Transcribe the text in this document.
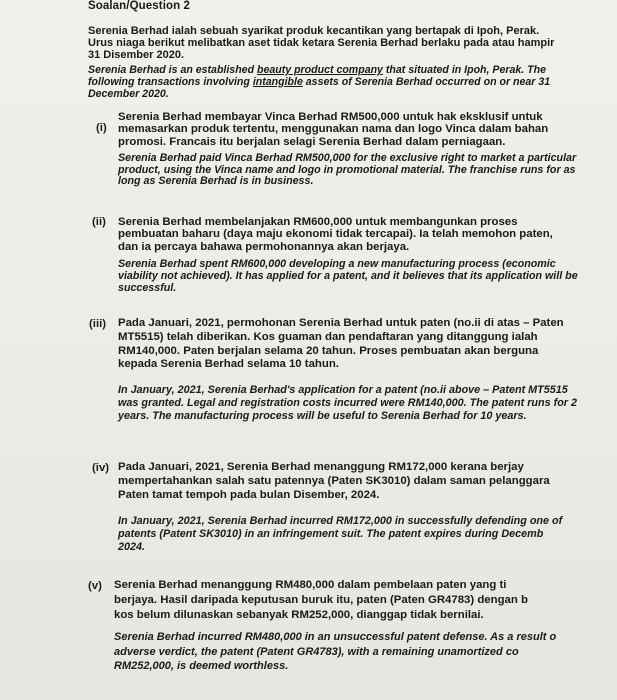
Soalan/Question 2
Serenia Berhad ialah sebuah syarikat produk kecantikan yang bertapak di Ipoh, Perak.
Urus niaga berikut melibatkan aset tidak ketara Serenia Berhad berlaku pada atau hampir
31 Disember 2020.
Serenia Berhad is an established beauty product company that situated in Ipoh, Perak. The
following transactions involving intangible assets of Serenia Berhad occurred on or near 31
December 2020.
(i)
Serenia Berhad membayar Vinca Berhad RM500,000 untuk hak eksklusif untuk
memasarkan produk tertentu, menggunakan nama dan logo Vinca dalam bahan
promosi. Francais itu berjalan selagi Serenia Berhad dalam perniagaan.
Serenia Berhad paid Vinca Berhad RM500,000 for the exclusive right to market a particular
product, using the Vinca name and logo in promotional material. The franchise runs for as
long as Serenia Berhad is in business.
(ii) Serenia Berhad membelanjakan RM600,000 untuk membangunkan proses
pembuatan baharu (daya maju ekonomi tidak tercapai). Ia telah memohon paten,
dan ia percaya bahawa permohonannya akan berjaya.
Serenia Berhad spent RM600,000 developing a new manufacturing process (economic
viability not achieved). It has applied for a patent, and it believes that its application will be
successful.
(iii) Pada Januari, 2021, permohonan Serenia Berhad untuk paten (no.ii di atas – Paten
MT5515) telah diberikan. Kos guaman dan pendaftaran yang ditanggung ialah
RM140,000. Paten berjalan selama 20 tahun. Proses pembuatan akan berguna
kepada Serenia Berhad selama 10 tahun.
In January, 2021, Serenia Berhad's application for a patent (no.ii above – Patent MT5515
was granted. Legal and registration costs incurred were RM140,000. The patent runs for 2
years. The manufacturing process will be useful to Serenia Berhad for 10 years.
(iv) Pada Januari, 2021, Serenia Berhad menanggung RM172,000 kerana berjay
mempertahankan salah satu patennya (Paten SK3010) dalam saman pelanggara
Paten tamat tempoh pada bulan Disember, 2024.
In January, 2021, Serenia Berhad incurred RM172,000 in successfully defending one of
patents (Patent SK3010) in an infringement suit. The patent expires during Decemb
2024.
(v) Serenia Berhad menanggung RM480,000 dalam pembelaan paten yang ti
berjaya. Hasil daripada keputusan buruk itu, paten (Paten GR4783) dengan b
kos belum dilunaskan sebanyak RM252,000, dianggap tidak bernilai.
Serenia Berhad incurred RM480,000 in an unsuccessful patent defense. As a result o
adverse verdict, the patent (Patent GR4783), with a remaining unamortized co
RM252,000, is deemed worthless.
